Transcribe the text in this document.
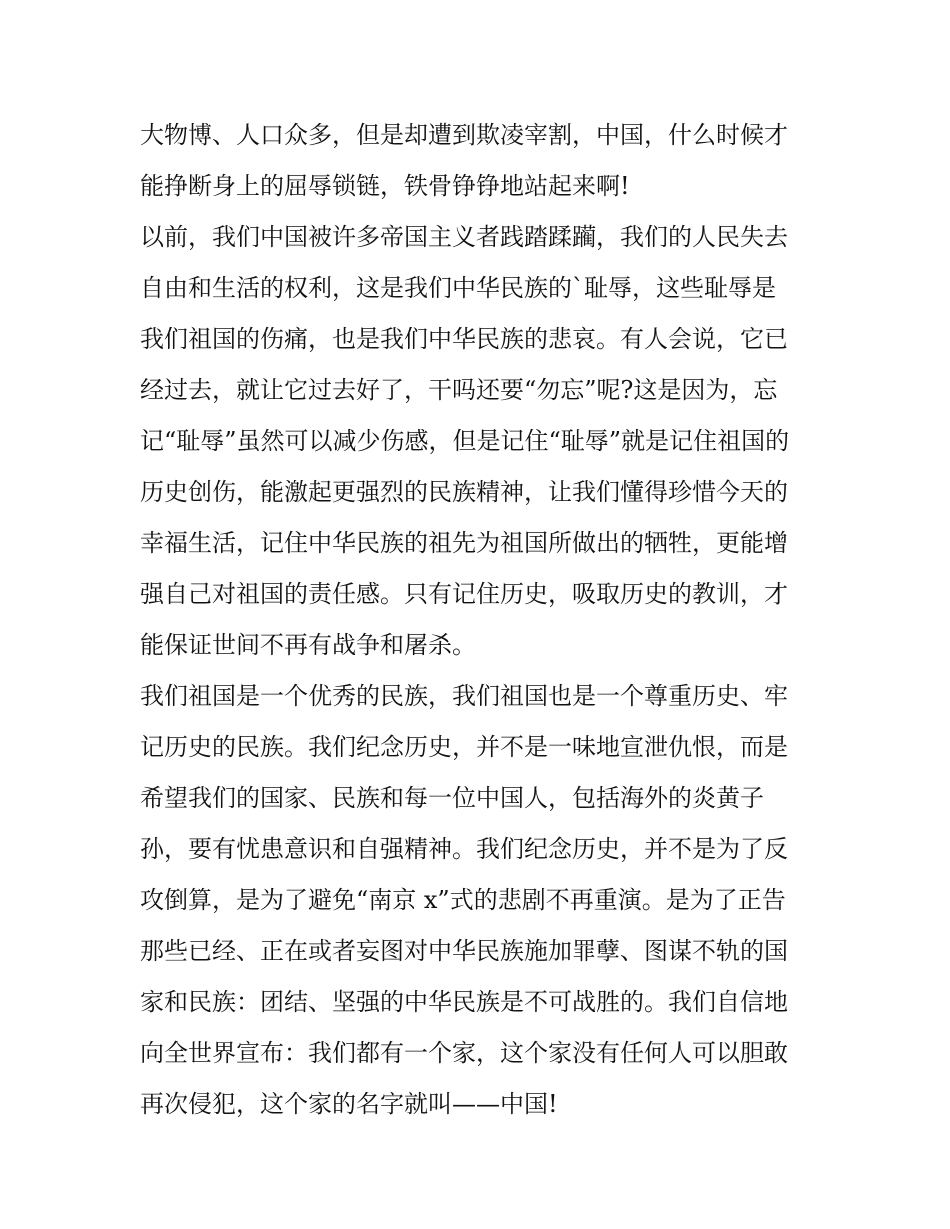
大物博、人口众多，但是却遭到欺凌宰割，中国，什么时候才
能挣断身上的屈辱锁链，铁骨铮铮地站起来啊!
以前，我们中国被许多帝国主义者践踏蹂躏，我们的人民失去
自由和生活的权利，这是我们中华民族的`耻辱，这些耻辱是
我们祖国的伤痛，也是我们中华民族的悲哀。有人会说，它已
经过去，就让它过去好了，干吗还要“勿忘”呢?这是因为，忘
记“耻辱”虽然可以减少伤感，但是记住“耻辱”就是记住祖国的
历史创伤，能激起更强烈的民族精神，让我们懂得珍惜今天的
幸福生活，记住中华民族的祖先为祖国所做出的牺牲，更能增
强自己对祖国的责任感。只有记住历史，吸取历史的教训，才
能保证世间不再有战争和屠杀。
我们祖国是一个优秀的民族，我们祖国也是一个尊重历史、牢
记历史的民族。我们纪念历史，并不是一味地宣泄仇恨，而是
希望我们的国家、民族和每一位中国人，包括海外的炎黄子
孙，要有忧患意识和自强精神。我们纪念历史，并不是为了反
攻倒算，是为了避免“南京 x”式的悲剧不再重演。是为了正告
那些已经、正在或者妄图对中华民族施加罪孽、图谋不轨的国
家和民族：团结、坚强的中华民族是不可战胜的。我们自信地
向全世界宣布：我们都有一个家，这个家没有任何人可以胆敢
再次侵犯，这个家的名字就叫——中国!
